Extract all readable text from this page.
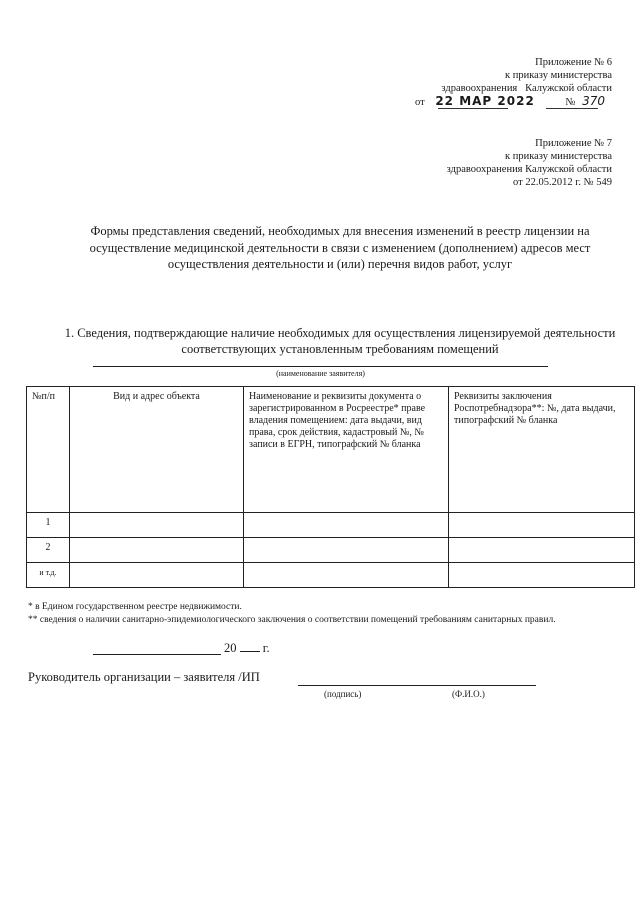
Приложение № 6
к приказу министерства
здравоохранения Калужской области
от 22 МАР 2022	№ 370
Приложение № 7
к приказу министерства
здравоохранения Калужской области
от 22.05.2012 г. № 549
Формы представления сведений, необходимых для внесения изменений в реестр лицензии на осуществление медицинской деятельности в связи с изменением (дополнением) адресов мест осуществления деятельности и (или) перечня видов работ, услуг
1. Сведения, подтверждающие наличие необходимых для осуществления лицензируемой деятельности соответствующих установленным требованиям помещений
(наименование заявителя)
№п/п	Вид и адрес объекта	Наименование и реквизиты документа о зарегистрированном в Росреестре* праве владения помещением: дата выдачи, вид права, срок действия, кадастровый №, № записи в ЕГРН, типографский № бланка	Реквизиты заключения Роспотребнадзора**: №, дата выдачи, типографский № бланка
1			
2			
и т.д.			
* в Едином государственном реестре недвижимости.
** сведения о наличии санитарно-эпидемиологического заключения о соответствии помещений требованиям санитарных правил.
20 г.
Руководитель организации – заявителя /ИП
(подпись)	(Ф.И.О.)
